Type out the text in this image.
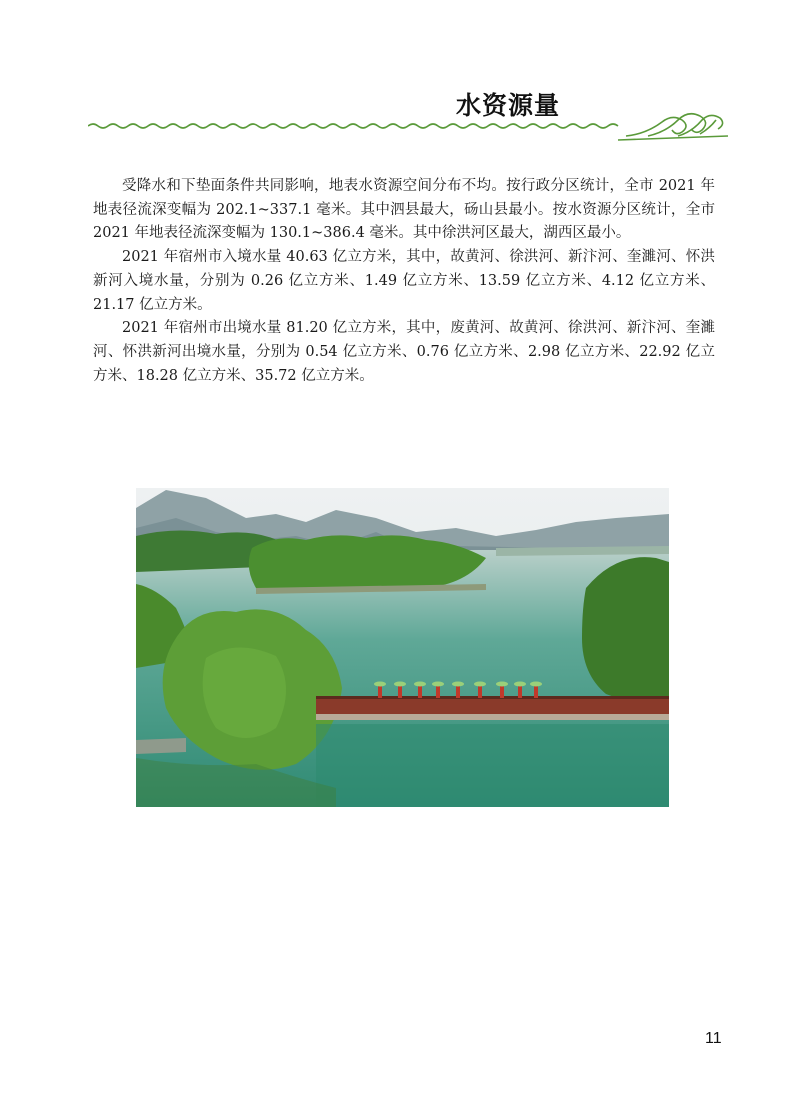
水资源量

受降水和下垫面条件共同影响，地表水资源空间分布不均。按行政分区统计，全市 2021 年地表径流深变幅为 202.1~337.1 毫米。其中泗县最大，砀山县最小。按水资源分区统计，全市 2021 年地表径流深变幅为 130.1~386.4 毫米。其中徐洪河区最大，湖西区最小。

2021 年宿州市入境水量 40.63 亿立方米，其中，故黄河、徐洪河、新汴河、奎濉河、怀洪新河入境水量，分别为 0.26 亿立方米、1.49 亿立方米、13.59 亿立方米、4.12 亿立方米、21.17 亿立方米。

2021 年宿州市出境水量 81.20 亿立方米，其中，废黄河、故黄河、徐洪河、新汴河、奎濉河、怀洪新河出境水量，分别为 0.54 亿立方米、0.76 亿立方米、2.98 亿立方米、22.92 亿立方米、18.28 亿立方米、35.72 亿立方米。

11
